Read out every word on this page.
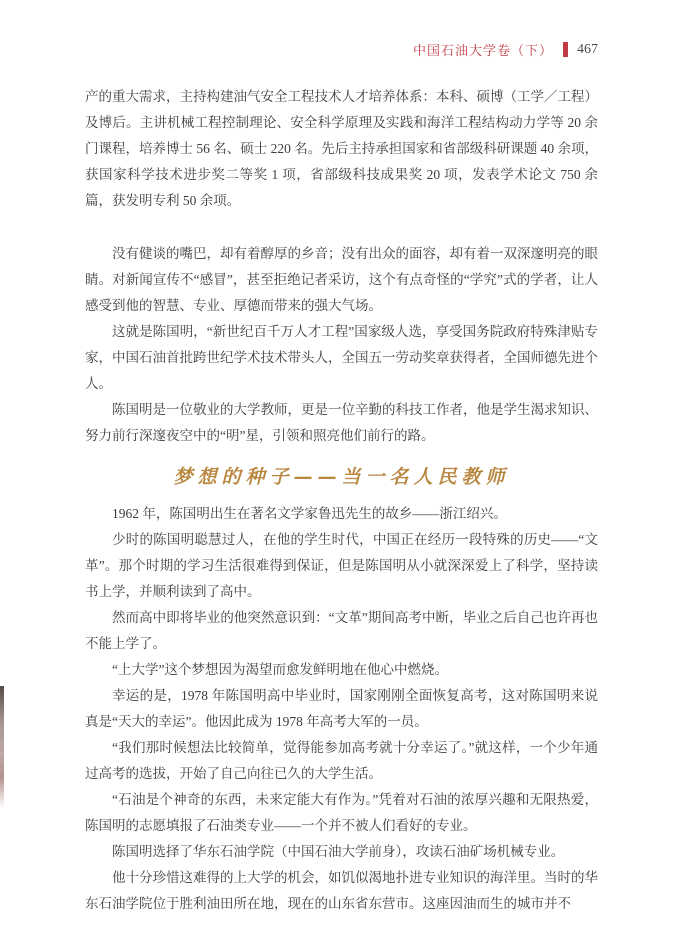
中国石油大学卷（下） 467

产的重大需求，主持构建油气安全工程技术人才培养体系：本科、硕博（工学／工程）及博后。主讲机械工程控制理论、安全科学原理及实践和海洋工程结构动力学等 20 余门课程，培养博士 56 名、硕士 220 名。先后主持承担国家和省部级科研课题 40 余项，获国家科学技术进步奖二等奖 1 项，省部级科技成果奖 20 项，发表学术论文 750 余篇，获发明专利 50 余项。

没有健谈的嘴巴，却有着醇厚的乡音；没有出众的面容，却有着一双深邃明亮的眼睛。对新闻宣传不“感冒”，甚至拒绝记者采访，这个有点奇怪的“学究”式的学者，让人感受到他的智慧、专业、厚德而带来的强大气场。

这就是陈国明，“新世纪百千万人才工程”国家级人选，享受国务院政府特殊津贴专家，中国石油首批跨世纪学术技术带头人，全国五一劳动奖章获得者，全国师德先进个人。

陈国明是一位敬业的大学教师，更是一位辛勤的科技工作者，他是学生渴求知识、努力前行深邃夜空中的“明”星，引领和照亮他们前行的路。

梦想的种子——当一名人民教师

1962 年，陈国明出生在著名文学家鲁迅先生的故乡——浙江绍兴。

少时的陈国明聪慧过人，在他的学生时代，中国正在经历一段特殊的历史——“文革”。那个时期的学习生活很难得到保证，但是陈国明从小就深深爱上了科学，坚持读书上学，并顺利读到了高中。

然而高中即将毕业的他突然意识到：“文革”期间高考中断，毕业之后自己也许再也不能上学了。

“上大学”这个梦想因为渴望而愈发鲜明地在他心中燃烧。

幸运的是，1978 年陈国明高中毕业时，国家刚刚全面恢复高考，这对陈国明来说真是“天大的幸运”。他因此成为 1978 年高考大军的一员。

“我们那时候想法比较简单，觉得能参加高考就十分幸运了。”就这样，一个少年通过高考的选拔，开始了自己向往已久的大学生活。

“石油是个神奇的东西，未来定能大有作为。”凭着对石油的浓厚兴趣和无限热爱，陈国明的志愿填报了石油类专业——一个并不被人们看好的专业。

陈国明选择了华东石油学院（中国石油大学前身），攻读石油矿场机械专业。

他十分珍惜这难得的上大学的机会，如饥似渴地扑进专业知识的海洋里。当时的华东石油学院位于胜利油田所在地，现在的山东省东营市。这座因油而生的城市并不
